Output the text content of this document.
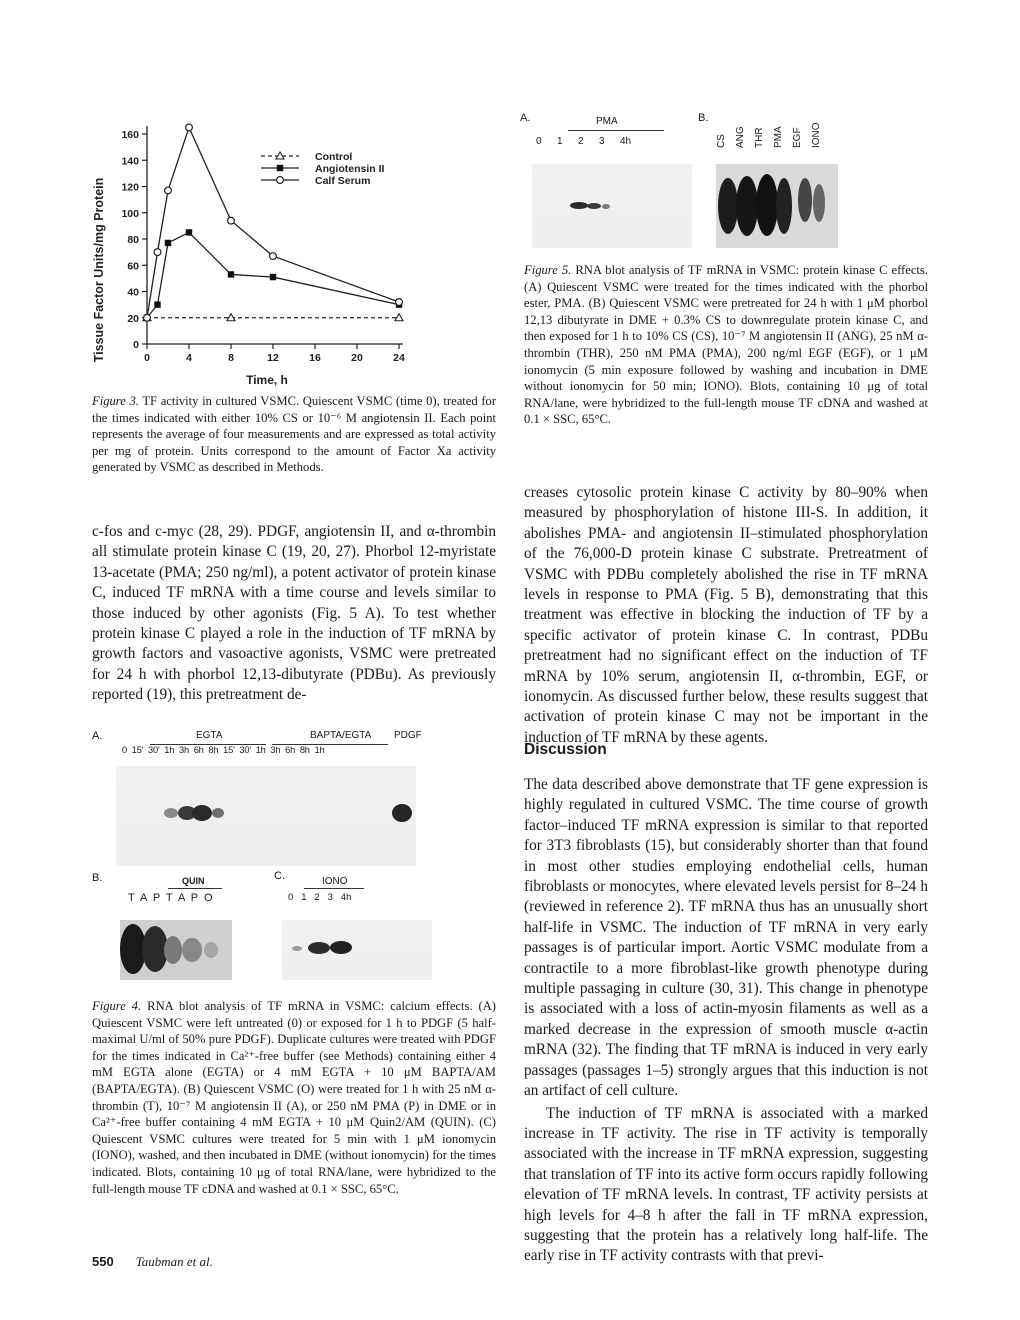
Tissue Factor Units/mg Protein	0
20
40
60
80
100
120
140
160
0	4	8	12	16	20	24
Control
Angiotensin II
Calf Serum
Time, h
Figure 3. TF activity in cultured VSMC. Quiescent VSMC (time 0), treated for the times indicated with either 10% CS or 10⁻⁶ M angiotensin II. Each point represents the average of four measurements and are expressed as total activity per mg of protein. Units correspond to the amount of Factor Xa activity generated by VSMC as described in Methods.
A.	PMA
0 1 2 3 4h
B.
CS ANG THR PMA EGF IONO
Figure 5. RNA blot analysis of TF mRNA in VSMC: protein kinase C effects. (A) Quiescent VSMC were treated for the times indicated with the phorbol ester, PMA. (B) Quiescent VSMC were pretreated for 24 h with 1 μM phorbol 12,13 dibutyrate in DME + 0.3% CS to downregulate protein kinase C, and then exposed for 1 h to 10% CS (CS), 10⁻⁷ M angiotensin II (ANG), 25 nM α-thrombin (THR), 250 nM PMA (PMA), 200 ng/ml EGF (EGF), or 1 μM ionomycin (5 min exposure followed by washing and incubation in DME without ionomycin for 50 min; IONO). Blots, containing 10 μg of total RNA/lane, were hybridized to the full-length mouse TF cDNA and washed at 0.1 × SSC, 65°C.
c-fos and c-myc (28, 29). PDGF, angiotensin II, and α-thrombin all stimulate protein kinase C (19, 20, 27). Phorbol 12-myristate 13-acetate (PMA; 250 ng/ml), a potent activator of protein kinase C, induced TF mRNA with a time course and levels similar to those induced by other agonists (Fig. 5 A). To test whether protein kinase C played a role in the induction of TF mRNA by growth factors and vasoactive agonists, VSMC were pretreated for 24 h with phorbol 12,13-dibutyrate (PDBu). As previously reported (19), this pretreatment de-
creases cytosolic protein kinase C activity by 80–90% when measured by phosphorylation of histone III-S. In addition, it abolishes PMA- and angiotensin II–stimulated phosphorylation of the 76,000-D protein kinase C substrate. Pretreatment of VSMC with PDBu completely abolished the rise in TF mRNA levels in response to PMA (Fig. 5 B), demonstrating that this treatment was effective in blocking the induction of TF by a specific activator of protein kinase C. In contrast, PDBu pretreatment had no significant effect on the induction of TF mRNA by 10% serum, angiotensin II, α-thrombin, EGF, or ionomycin. As discussed further below, these results suggest that activation of protein kinase C may not be important in the induction of TF mRNA by these agents.
A.	EGTA	BAPTA/EGTA PDGF
0  15'  30'  1h  3h  6h  8h  15'  30'  1h  3h  6h  8h  1h
B.	QUIN
T  A  P  T  A  P  O
C.	IONO
0   1   2   3   4h
Figure 4. RNA blot analysis of TF mRNA in VSMC: calcium effects. (A) Quiescent VSMC were left untreated (0) or exposed for 1 h to PDGF (5 half-maximal U/ml of 50% pure PDGF). Duplicate cultures were treated with PDGF for the times indicated in Ca²⁺-free buffer (see Methods) containing either 4 mM EGTA alone (EGTA) or 4 mM EGTA + 10 μM BAPTA/AM (BAPTA/EGTA). (B) Quiescent VSMC (O) were treated for 1 h with 25 nM α-thrombin (T), 10⁻⁷ M angiotensin II (A), or 250 nM PMA (P) in DME or in Ca²⁺-free buffer containing 4 mM EGTA + 10 μM Quin2/AM (QUIN). (C) Quiescent VSMC cultures were treated for 5 min with 1 μM ionomycin (IONO), washed, and then incubated in DME (without ionomycin) for the times indicated. Blots, containing 10 μg of total RNA/lane, were hybridized to the full-length mouse TF cDNA and washed at 0.1 × SSC, 65°C.
Discussion

The data described above demonstrate that TF gene expression is highly regulated in cultured VSMC. The time course of growth factor–induced TF mRNA expression is similar to that reported for 3T3 fibroblasts (15), but considerably shorter than that found in most other studies employing endothelial cells, human fibroblasts or monocytes, where elevated levels persist for 8–24 h (reviewed in reference 2). TF mRNA thus has an unusually short half-life in VSMC. The induction of TF mRNA in very early passages is of particular import. Aortic VSMC modulate from a contractile to a more fibroblast-like growth phenotype during multiple passaging in culture (30, 31). This change in phenotype is associated with a loss of actin-myosin filaments as well as a marked decrease in the expression of smooth muscle α-actin mRNA (32). The finding that TF mRNA is induced in very early passages (passages 1–5) strongly argues that this induction is not an artifact of cell culture.

The induction of TF mRNA is associated with a marked increase in TF activity. The rise in TF activity is temporally associated with the increase in TF mRNA expression, suggesting that translation of TF into its active form occurs rapidly following elevation of TF mRNA levels. In contrast, TF activity persists at high levels for 4–8 h after the fall in TF mRNA expression, suggesting that the protein has a relatively long half-life. The early rise in TF activity contrasts with that previ-

550 Taubman et al.
